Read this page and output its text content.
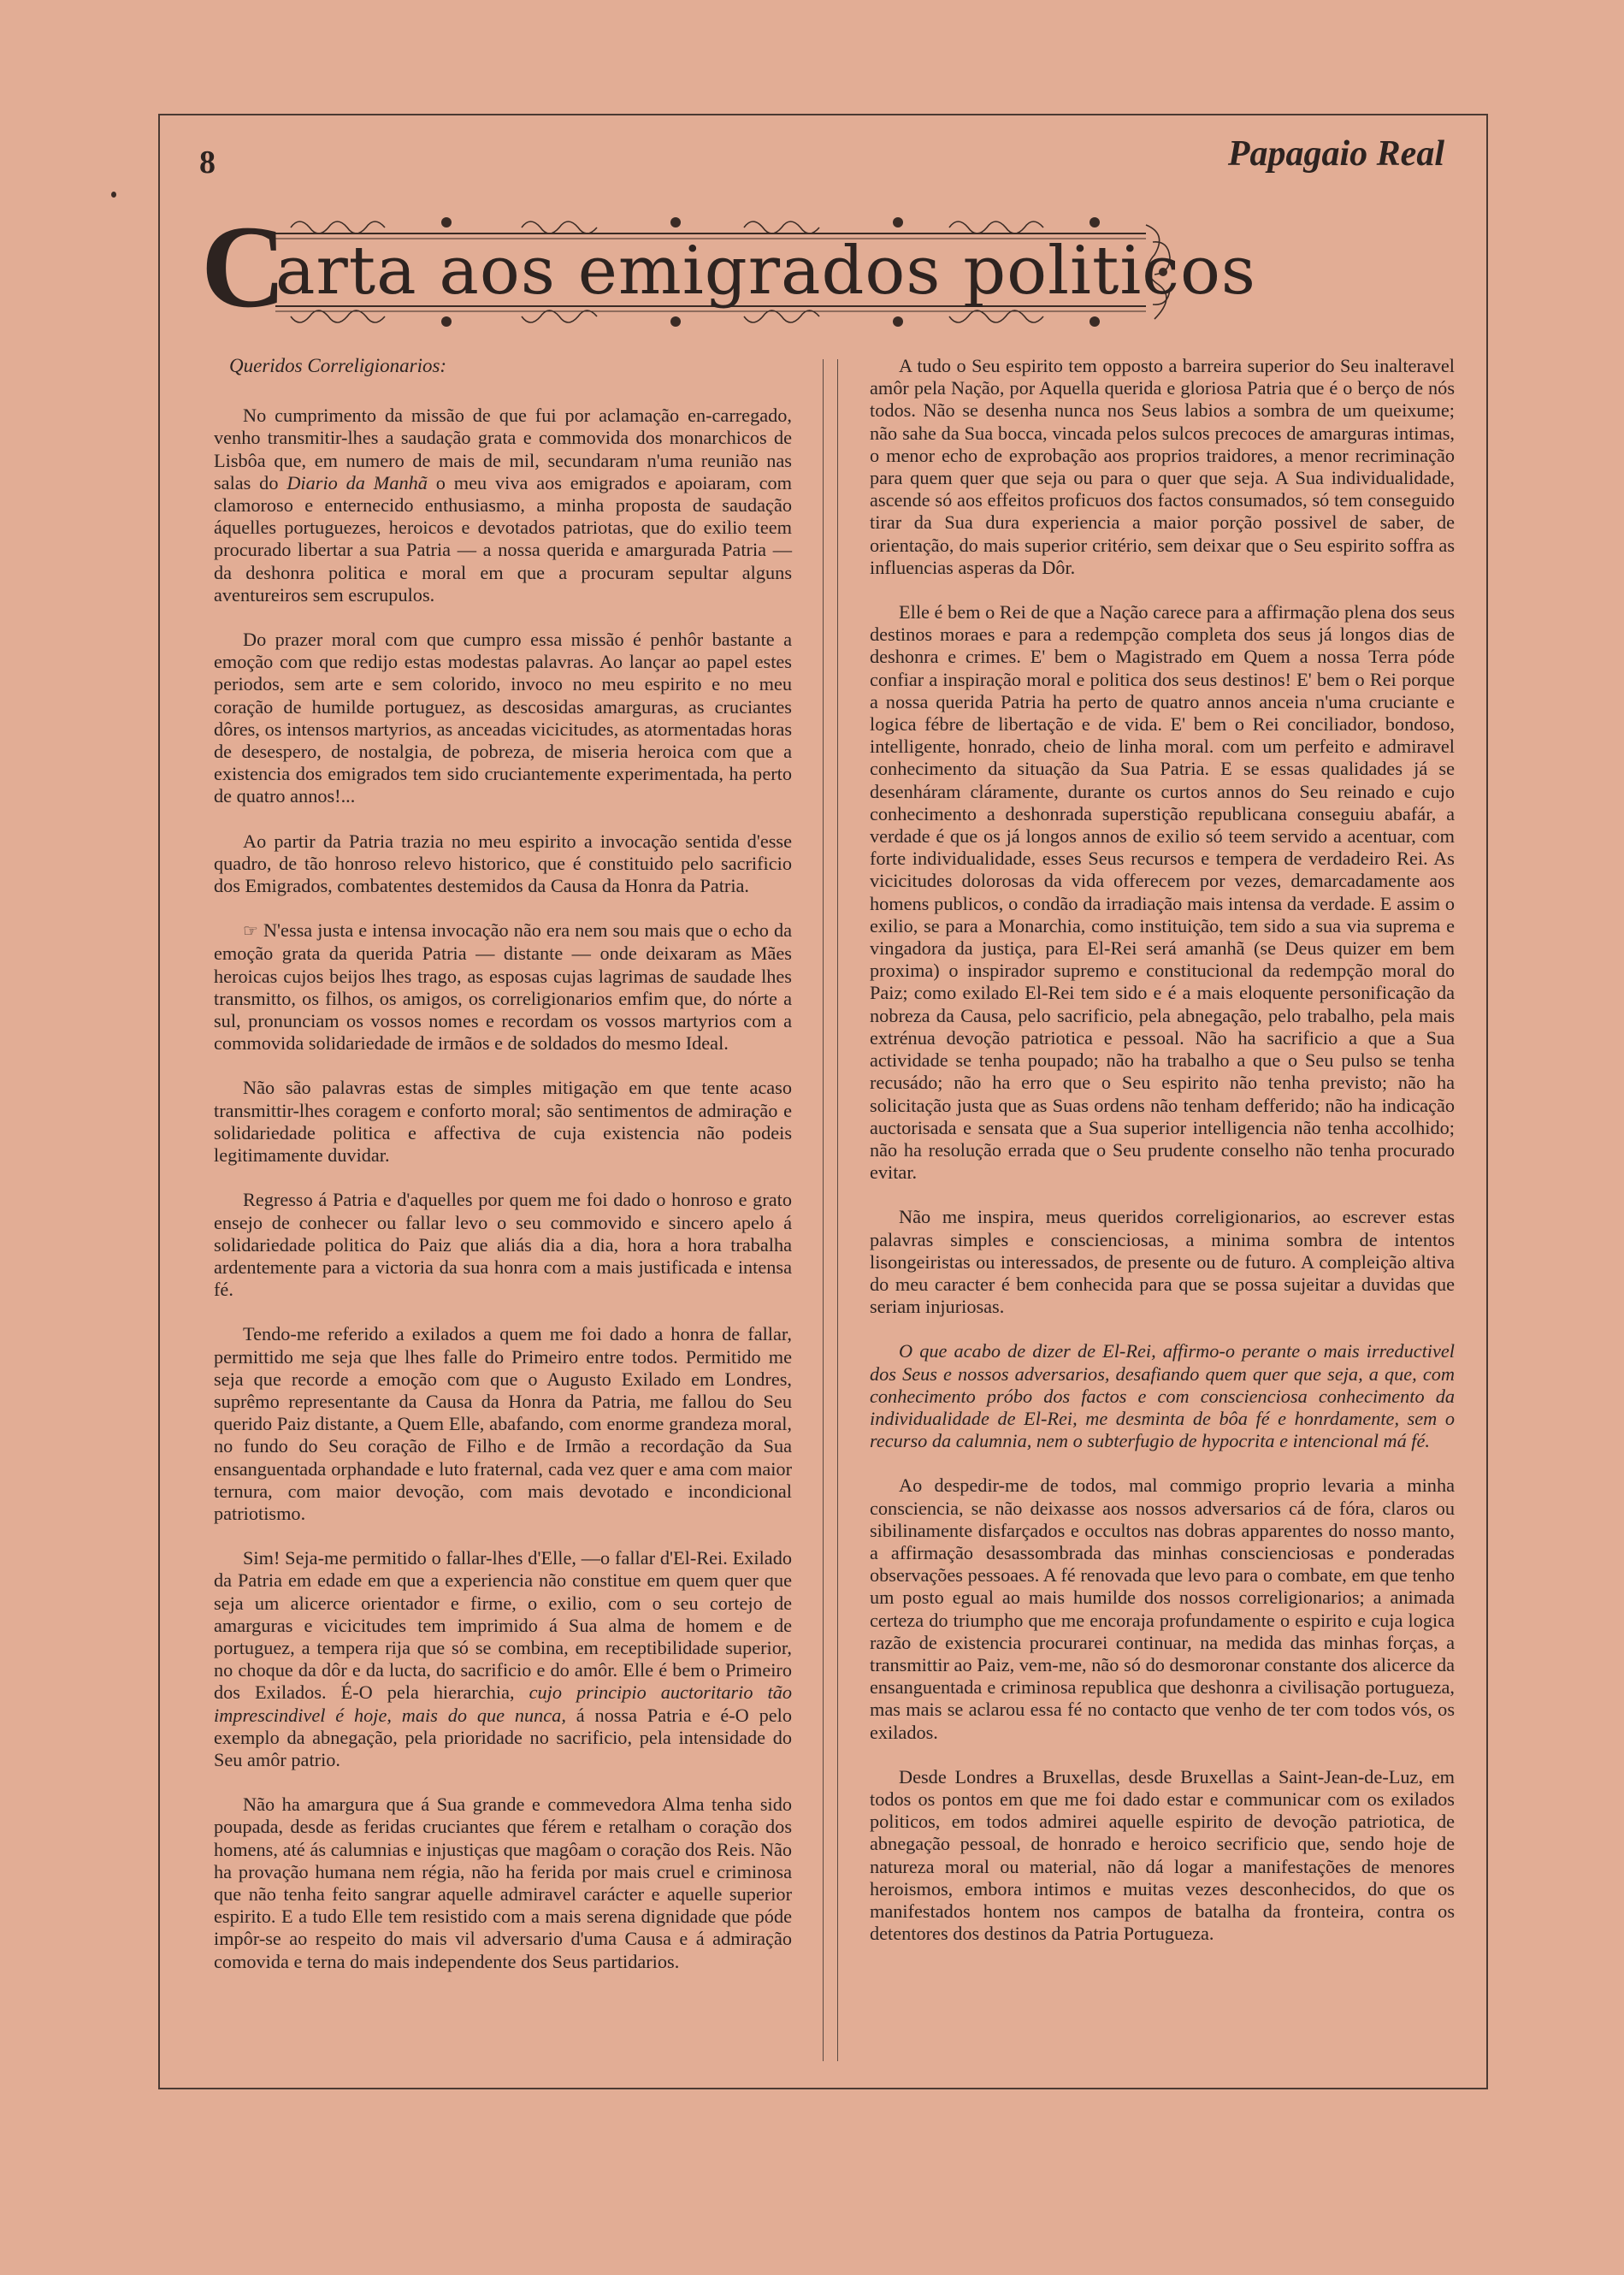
8	Papagaio Real
C
arta aos emigrados politicos

Queridos Correligionarios:

No cumprimento da missão de que fui por aclamação en-carregado, venho transmitir-lhes a saudação grata e commovida dos monarchicos de Lisbôa que, em numero de mais de mil, secundaram n'uma reunião nas salas do Diario da Manhã o meu viva aos emigrados e apoiaram, com clamoroso e enternecido enthusiasmo, a minha proposta de saudação áquelles portuguezes, heroicos e devotados patriotas, que do exilio teem procurado libertar a sua Patria — a nossa querida e amargurada Patria — da deshonra politica e moral em que a procuram sepultar alguns aventureiros sem escrupulos.

Do prazer moral com que cumpro essa missão é penhôr bastante a emoção com que redijo estas modestas palavras. Ao lançar ao papel estes periodos, sem arte e sem colorido, invoco no meu espirito e no meu coração de humilde portuguez, as descosidas amarguras, as cruciantes dôres, os intensos martyrios, as anceadas vicicitudes, as atormentadas horas de desespero, de nostalgia, de pobreza, de miseria heroica com que a existencia dos emigrados tem sido cruciantemente experimentada, ha perto de quatro annos!...

Ao partir da Patria trazia no meu espirito a invocação sentida d'esse quadro, de tão honroso relevo historico, que é constituido pelo sacrificio dos Emigrados, combatentes destemidos da Causa da Honra da Patria.

☞ N'essa justa e intensa invocação não era nem sou mais que o echo da emoção grata da querida Patria — distante — onde deixaram as Mães heroicas cujos beijos lhes trago, as esposas cujas lagrimas de saudade lhes transmitto, os filhos, os amigos, os correligionarios emfim que, do nórte a sul, pronunciam os vossos nomes e recordam os vossos martyrios com a commovida solidariedade de irmãos e de soldados do mesmo Ideal.

Não são palavras estas de simples mitigação em que tente acaso transmittir-lhes coragem e conforto moral; são sentimentos de admiração e solidariedade politica e affectiva de cuja existencia não podeis legitimamente duvidar.

Regresso á Patria e d'aquelles por quem me foi dado o honroso e grato ensejo de conhecer ou fallar levo o seu commovido e sincero apelo á solidariedade politica do Paiz que aliás dia a dia, hora a hora trabalha ardentemente para a victoria da sua honra com a mais justificada e intensa fé.

Tendo-me referido a exilados a quem me foi dado a honra de fallar, permittido me seja que lhes falle do Primeiro entre todos. Permitido me seja que recorde a emoção com que o Augusto Exilado em Londres, suprêmo representante da Causa da Honra da Patria, me fallou do Seu querido Paiz distante, a Quem Elle, abafando, com enorme grandeza moral, no fundo do Seu coração de Filho e de Irmão a recordação da Sua ensanguentada orphandade e luto fraternal, cada vez quer e ama com maior ternura, com maior devoção, com mais devotado e incondicional patriotismo.

Sim! Seja-me permitido o fallar-lhes d'Elle, —o fallar d'El-Rei. Exilado da Patria em edade em que a experiencia não constitue em quem quer que seja um alicerce orientador e firme, o exilio, com o seu cortejo de amarguras e vicicitudes tem imprimido á Sua alma de homem e de portuguez, a tempera rija que só se combina, em receptibilidade superior, no choque da dôr e da lucta, do sacrificio e do amôr. Elle é bem o Primeiro dos Exilados. É-O pela hierarchia, cujo principio auctoritario tão imprescindivel é hoje, mais do que nunca, á nossa Patria e é-O pelo exemplo da abnegação, pela prioridade no sacrificio, pela intensidade do Seu amôr patrio.

Não ha amargura que á Sua grande e commevedora Alma tenha sido poupada, desde as feridas cruciantes que férem e retalham o coração dos homens, até ás calumnias e injustiças que magôam o coração dos Reis. Não ha provação humana nem régia, não ha ferida por mais cruel e criminosa que não tenha feito sangrar aquelle admiravel carácter e aquelle superior espirito. E a tudo Elle tem resistido com a mais serena dignidade que póde impôr-se ao respeito do mais vil adversario d'uma Causa e á admiração comovida e terna do mais independente dos Seus partidarios.

A tudo o Seu espirito tem opposto a barreira superior do Seu inalteravel amôr pela Nação, por Aquella querida e gloriosa Patria que é o berço de nós todos. Não se desenha nunca nos Seus labios a sombra de um queixume; não sahe da Sua bocca, vincada pelos sulcos precoces de amarguras intimas, o menor echo de exprobação aos proprios traidores, a menor recriminação para quem quer que seja ou para o quer que seja. A Sua individualidade, ascende só aos effeitos proficuos dos factos consumados, só tem conseguido tirar da Sua dura experiencia a maior porção possivel de saber, de orientação, do mais superior critério, sem deixar que o Seu espirito soffra as influencias asperas da Dôr.

Elle é bem o Rei de que a Nação carece para a affirmação plena dos seus destinos moraes e para a redempção completa dos seus já longos dias de deshonra e crimes. E' bem o Magistrado em Quem a nossa Terra póde confiar a inspiração moral e politica dos seus destinos! E' bem o Rei porque a nossa querida Patria ha perto de quatro annos anceia n'uma cruciante e logica fébre de libertação e de vida. E' bem o Rei conciliador, bondoso, intelligente, honrado, cheio de linha moral. com um perfeito e admiravel conhecimento da situação da Sua Patria. E se essas qualidades já se desenháram cláramente, durante os curtos annos do Seu reinado e cujo conhecimento a deshonrada superstição republicana conseguiu abafár, a verdade é que os já longos annos de exilio só teem servido a acentuar, com forte individualidade, esses Seus recursos e tempera de verdadeiro Rei. As vicicitudes dolorosas da vida offerecem por vezes, demarcadamente aos homens publicos, o condão da irradiação mais intensa da verdade. E assim o exilio, se para a Monarchia, como instituição, tem sido a sua via suprema e vingadora da justiça, para El-Rei será amanhã (se Deus quizer em bem proxima) o inspirador supremo e constitucional da redempção moral do Paiz; como exilado El-Rei tem sido e é a mais eloquente personificação da nobreza da Causa, pelo sacrificio, pela abnegação, pelo trabalho, pela mais extrénua devoção patriotica e pessoal. Não ha sacrificio a que a Sua actividade se tenha poupado; não ha trabalho a que o Seu pulso se tenha recusádo; não ha erro que o Seu espirito não tenha previsto; não ha solicitação justa que as Suas ordens não tenham defferido; não ha indicação auctorisada e sensata que a Sua superior intelligencia não tenha accolhido; não ha resolução errada que o Seu prudente conselho não tenha procurado evitar.

Não me inspira, meus queridos correligionarios, ao escrever estas palavras simples e conscienciosas, a minima sombra de intentos lisongeiristas ou interessados, de presente ou de futuro. A compleição altiva do meu caracter é bem conhecida para que se possa sujeitar a duvidas que seriam injuriosas.

O que acabo de dizer de El-Rei, affirmo-o perante o mais irreductivel dos Seus e nossos adversarios, desafiando quem quer que seja, a que, com conhecimento próbo dos factos e com conscienciosa conhecimento da individualidade de El-Rei, me desminta de bôa fé e honrdamente, sem o recurso da calumnia, nem o subterfugio de hypocrita e intencional má fé.

Ao despedir-me de todos, mal commigo proprio levaria a minha consciencia, se não deixasse aos nossos adversarios cá de fóra, claros ou sibilinamente disfarçados e occultos nas dobras apparentes do nosso manto, a affirmação desassombrada das minhas conscienciosas e ponderadas observações pessoaes. A fé renovada que levo para o combate, em que tenho um posto egual ao mais humilde dos nossos correligionarios; a animada certeza do triumpho que me encoraja profundamente o espirito e cuja logica razão de existencia procurarei continuar, na medida das minhas forças, a transmittir ao Paiz, vem-me, não só do desmoronar constante dos alicerce da ensanguentada e criminosa republica que deshonra a civilisação portugueza, mas mais se aclarou essa fé no contacto que venho de ter com todos vós, os exilados.

Desde Londres a Bruxellas, desde Bruxellas a Saint-Jean-de-Luz, em todos os pontos em que me foi dado estar e communicar com os exilados politicos, em todos admirei aquelle espirito de devoção patriotica, de abnegação pessoal, de honrado e heroico secrificio que, sendo hoje de natureza moral ou material, não dá logar a manifestações de menores heroismos, embora intimos e muitas vezes desconhecidos, do que os manifestados hontem nos campos de batalha da fronteira, contra os detentores dos destinos da Patria Portugueza.
